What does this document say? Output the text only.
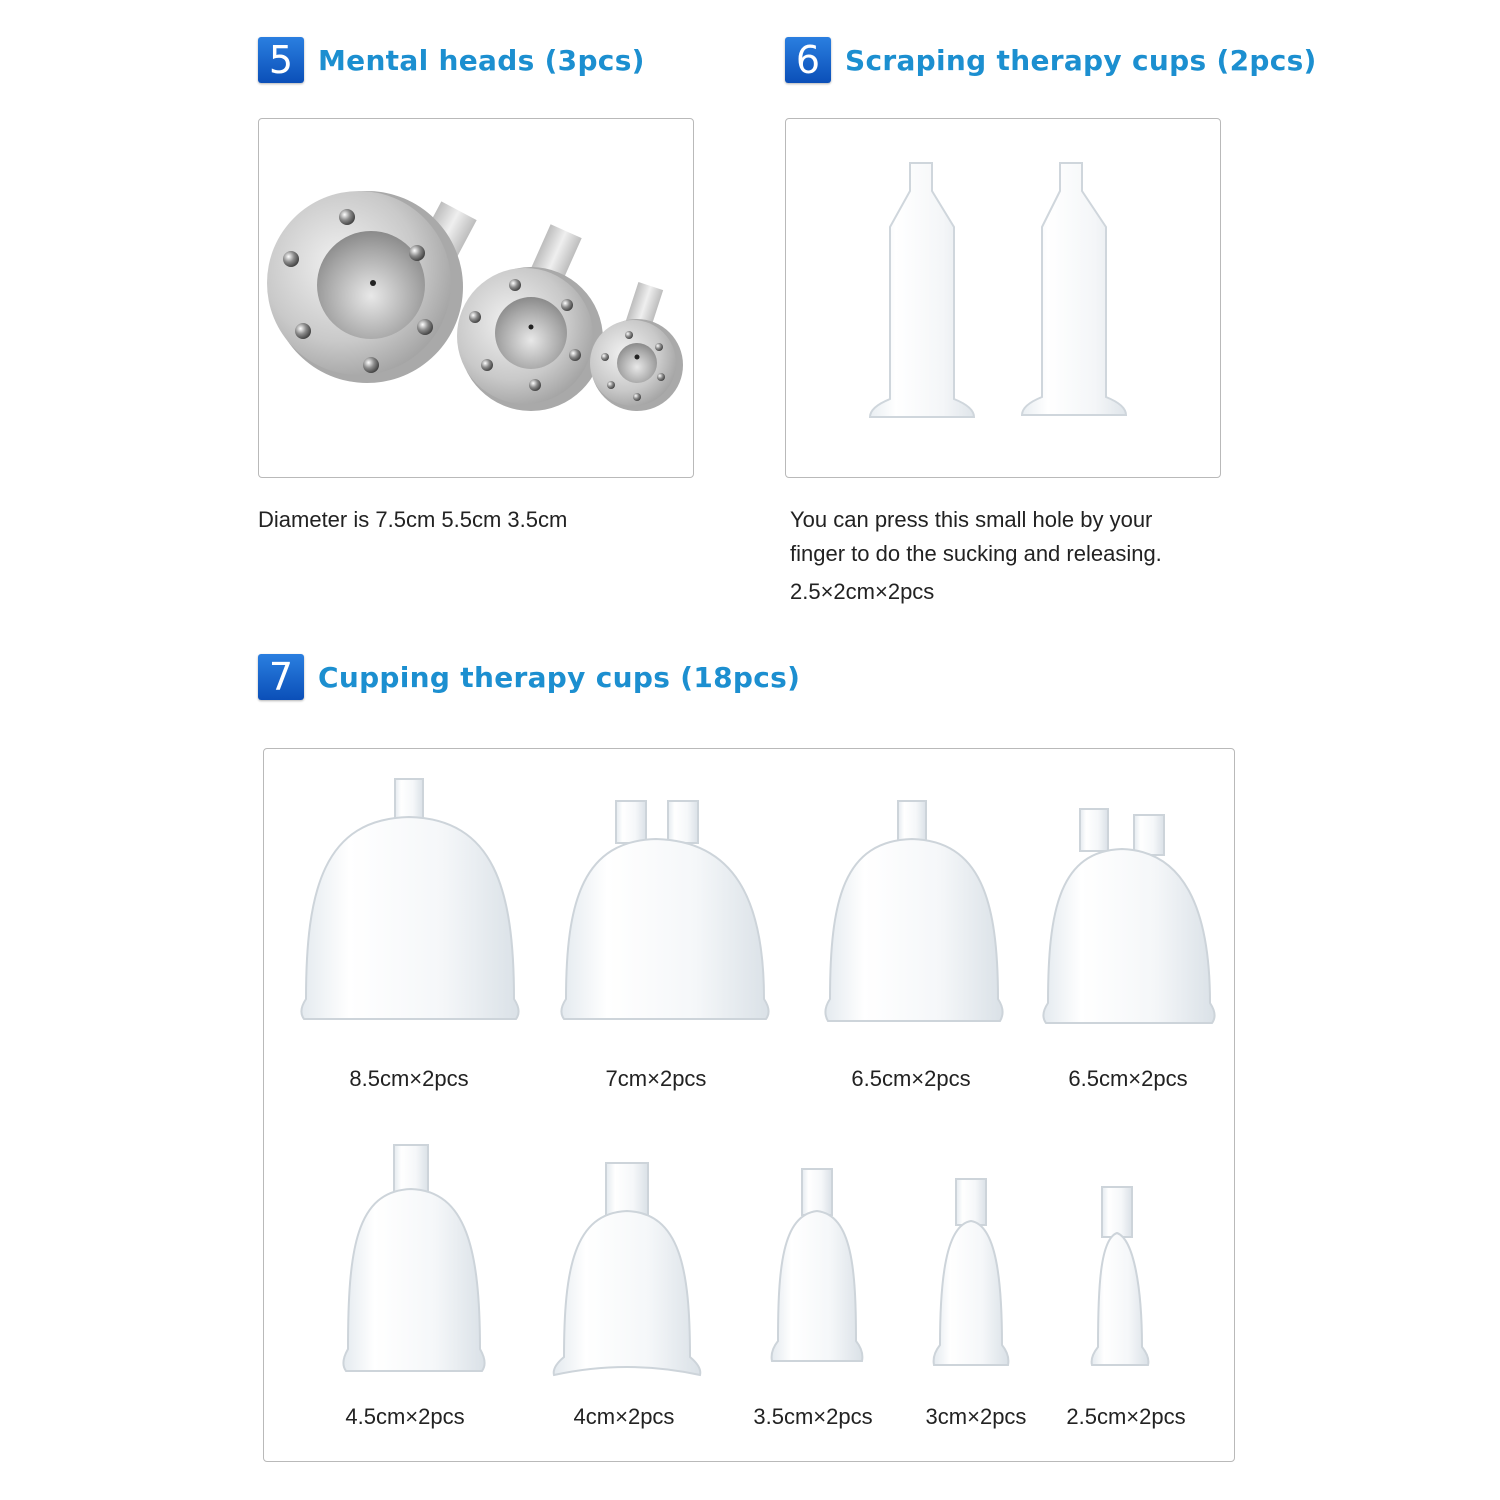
5 Mental heads (3pcs)	6 Scraping therapy cups (2pcs)
Diameter is 7.5cm 5.5cm 3.5cm	You can press this small hole by your
finger to do the sucking and releasing.
2.5×2cm×2pcs
7 Cupping therapy cups (18pcs)
8.5cm×2pcs	7cm×2pcs	6.5cm×2pcs	6.5cm×2pcs
4.5cm×2pcs	4cm×2pcs	3.5cm×2pcs	3cm×2pcs	2.5cm×2pcs
